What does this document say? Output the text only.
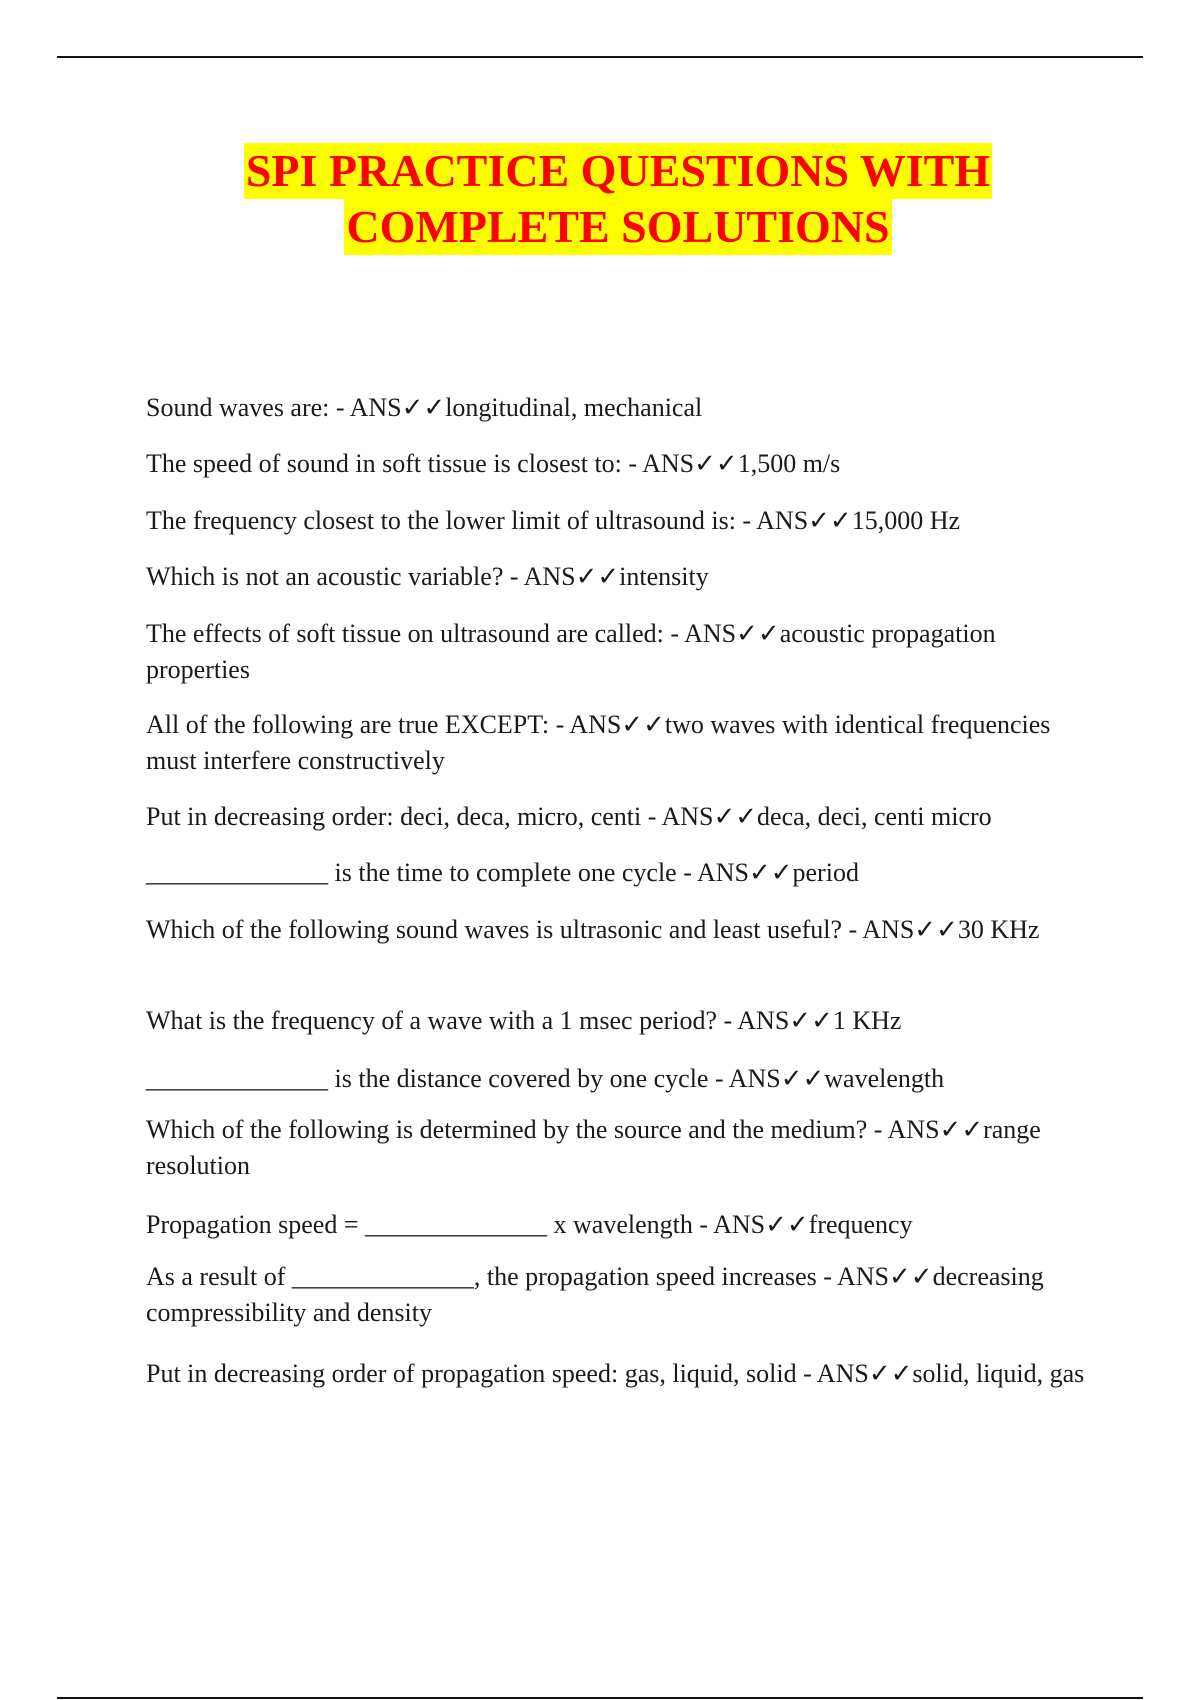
SPI PRACTICE QUESTIONS WITH
COMPLETE SOLUTIONS
Sound waves are: - ANS✓✓longitudinal, mechanical
The speed of sound in soft tissue is closest to: - ANS✓✓1,500 m/s
The frequency closest to the lower limit of ultrasound is: - ANS✓✓15,000 Hz
Which is not an acoustic variable? - ANS✓✓intensity
The effects of soft tissue on ultrasound are called: - ANS✓✓acoustic propagation properties
All of the following are true EXCEPT: - ANS✓✓two waves with identical frequencies must interfere constructively
Put in decreasing order: deci, deca, micro, centi - ANS✓✓deca, deci, centi micro
______________ is the time to complete one cycle - ANS✓✓period
Which of the following sound waves is ultrasonic and least useful? - ANS✓✓30 KHz
What is the frequency of a wave with a 1 msec period? - ANS✓✓1 KHz
______________ is the distance covered by one cycle - ANS✓✓wavelength
Which of the following is determined by the source and the medium? - ANS✓✓range resolution
Propagation speed = ______________ x wavelength - ANS✓✓frequency
As a result of ______________, the propagation speed increases - ANS✓✓decreasing compressibility and density
Put in decreasing order of propagation speed: gas, liquid, solid - ANS✓✓solid, liquid, gas
